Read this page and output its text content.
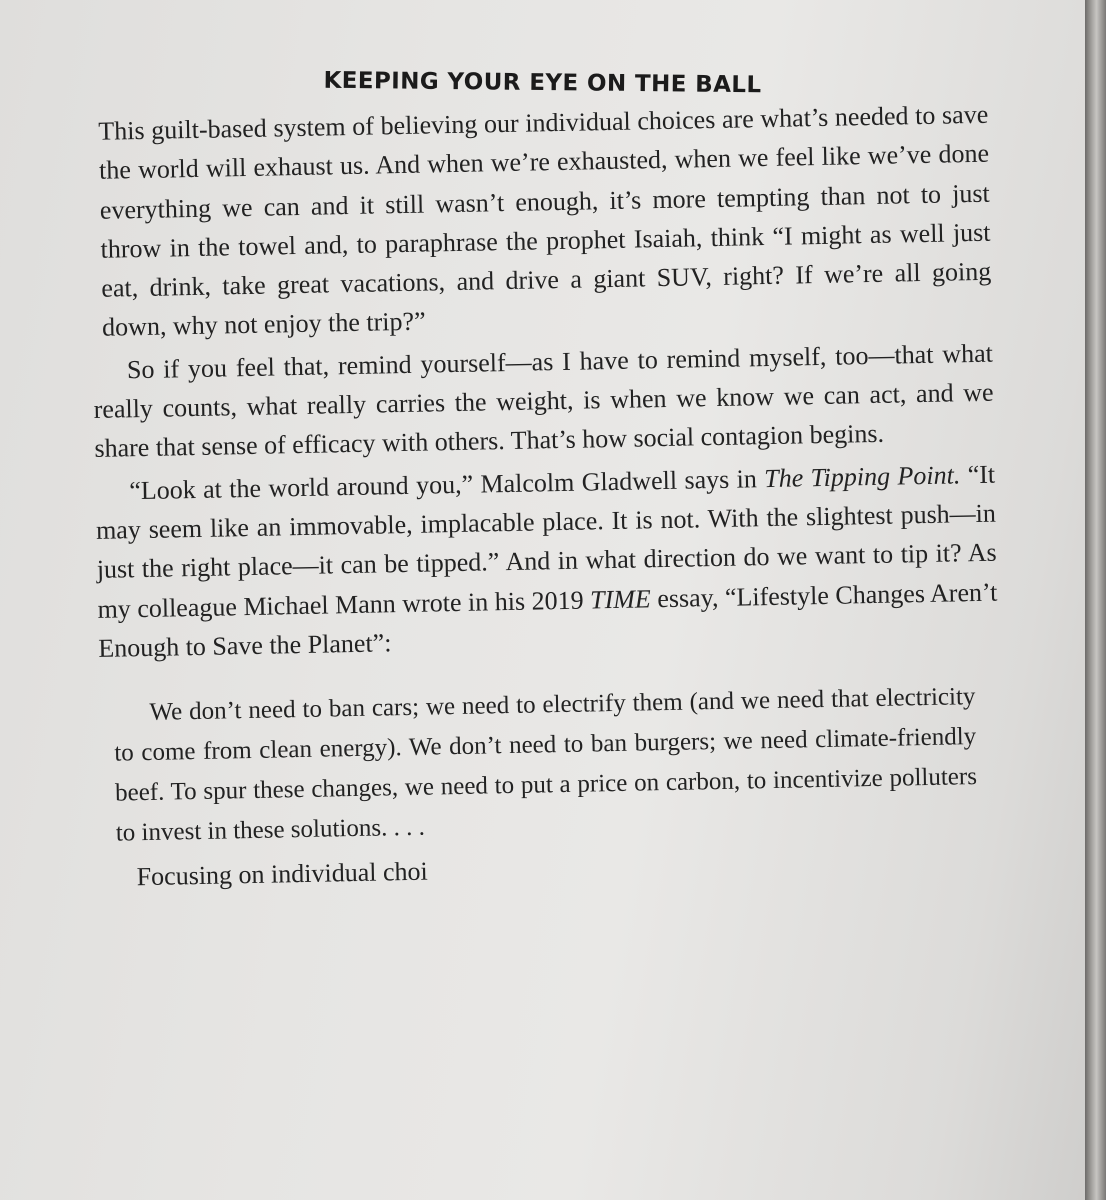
KEEPING YOUR EYE ON THE BALL

This guilt-based system of believing our individual choices are what’s needed to save the world will exhaust us. And when we’re exhausted, when we feel like we’ve done everything we can and it still wasn’t enough, it’s more tempting than not to just throw in the towel and, to paraphrase the prophet Isaiah, think “I might as well just eat, drink, take great vacations, and drive a giant SUV, right? If we’re all going down, why not enjoy the trip?”

So if you feel that, remind yourself—as I have to remind myself, too—that what really counts, what really carries the weight, is when we know we can act, and we share that sense of efficacy with others. That’s how social contagion begins.

“Look at the world around you,” Malcolm Gladwell says in The Tipping Point. “It may seem like an immovable, implacable place. It is not. With the slightest push—in just the right place—it can be tipped.” And in what direction do we want to tip it? As my colleague Michael Mann wrote in his 2019 TIME essay, “Lifestyle Changes Aren’t Enough to Save the Planet”:

We don’t need to ban cars; we need to electrify them (and we need that electricity to come from clean energy). We don’t need to ban burgers; we need climate-friendly beef. To spur these changes, we need to put a price on carbon, to incentivize polluters to invest in these solutions. . . .

Focusing on individual choi
